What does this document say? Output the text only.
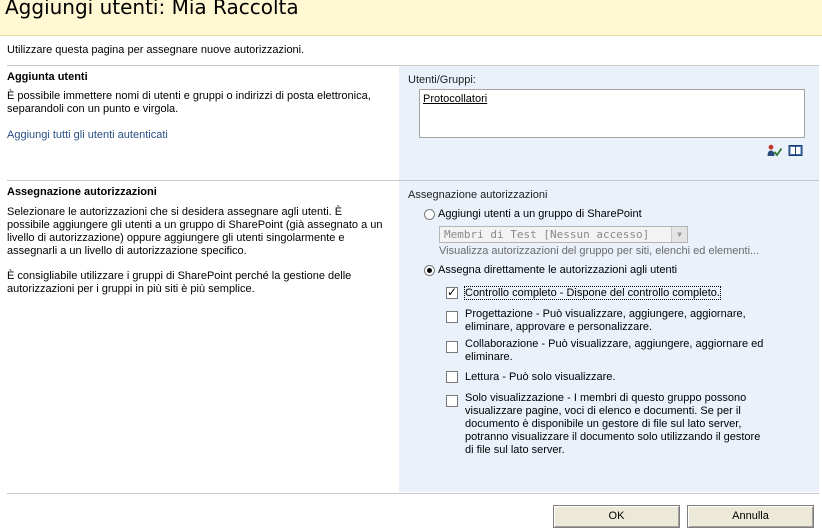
Aggiungi utenti: Mia Raccolta
Utilizzare questa pagina per assegnare nuove autorizzazioni.
Aggiunta utenti
È possibile immettere nomi di utenti e gruppi o indirizzi di posta elettronica, separandoli con un punto e virgola.
Aggiungi tutti gli utenti autenticati
Utenti/Gruppi:
Protocollatori
Assegnazione autorizzazioni
Selezionare le autorizzazioni che si desidera assegnare agli utenti. È possibile aggiungere gli utenti a un gruppo di SharePoint (già assegnato a un livello di autorizzazione) oppure aggiungere gli utenti singolarmente e assegnarli a un livello di autorizzazione specifico.
È consigliabile utilizzare i gruppi di SharePoint perché la gestione delle autorizzazioni per i gruppi in più siti è più semplice.
Assegnazione autorizzazioni
Aggiungi utenti a un gruppo di SharePoint
Membri di Test [Nessun accesso]	▼
Visualizza autorizzazioni del gruppo per siti, elenchi ed elementi...
Assegna direttamente le autorizzazioni agli utenti
✓
Controllo completo - Dispone del controllo completo.
Progettazione - Può visualizzare, aggiungere, aggiornare, eliminare, approvare e personalizzare.
Collaborazione - Può visualizzare, aggiungere, aggiornare ed eliminare.
Lettura - Può solo visualizzare.
Solo visualizzazione - I membri di questo gruppo possono visualizzare pagine, voci di elenco e documenti. Se per il documento è disponibile un gestore di file sul lato server, potranno visualizzare il documento solo utilizzando il gestore di file sul lato server.
OK	Annulla
